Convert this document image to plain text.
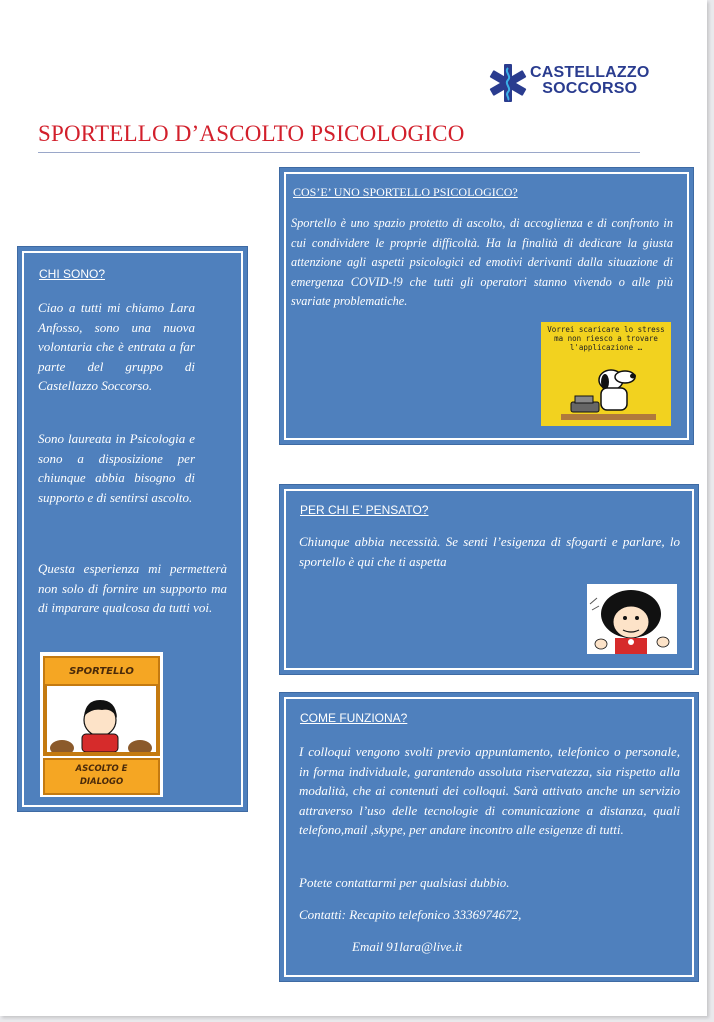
CASTELLAZZO
SOCCORSO
SPORTELLO D’ASCOLTO PSICOLOGICO
COS’E’ UNO SPORTELLO PSICOLOGICO?

Sportello è uno spazio protetto di ascolto, di accoglienza e di confronto in cui condividere le proprie difficoltà. Ha la finalità di dedicare la giusta attenzione agli aspetti psicologici ed emotivi derivanti dalla situazione di emergenza COVID-!9 che tutti gli operatori stanno vivendo o alle più svariate problematiche.

Vorrei scaricare lo stress ma non riesco a trovare l'applicazione …
CHI SONO?

Ciao a tutti mi chiamo Lara Anfosso, sono una nuova volontaria che è entrata a far parte del gruppo di Castellazzo Soccorso.

Sono laureata in Psicologia e sono a disposizione per chiunque abbia bisogno di supporto e di sentirsi ascolto.

Questa esperienza mi permetterà non solo di fornire un supporto ma di imparare qualcosa da tutti voi.

SPORTELLO
ASCOLTO E
DIALOGO
PER CHI E’ PENSATO?

Chiunque abbia necessità. Se senti l’esigenza di sfogarti e parlare, lo sportello è qui che ti aspetta

COME FUNZIONA?

I colloqui vengono svolti previo appuntamento, telefonico o personale, in forma individuale, garantendo assoluta riservatezza, sia rispetto alla modalità, che ai contenuti dei colloqui. Sarà attivato anche un servizio attraverso l’uso delle tecnologie di comunicazione a distanza, quali telefono,mail ,skype, per andare incontro alle esigenze di tutti.

Potete contattarmi per qualsiasi dubbio.

Contatti: Recapito telefonico 3336974672,

Email 91lara@live.it
